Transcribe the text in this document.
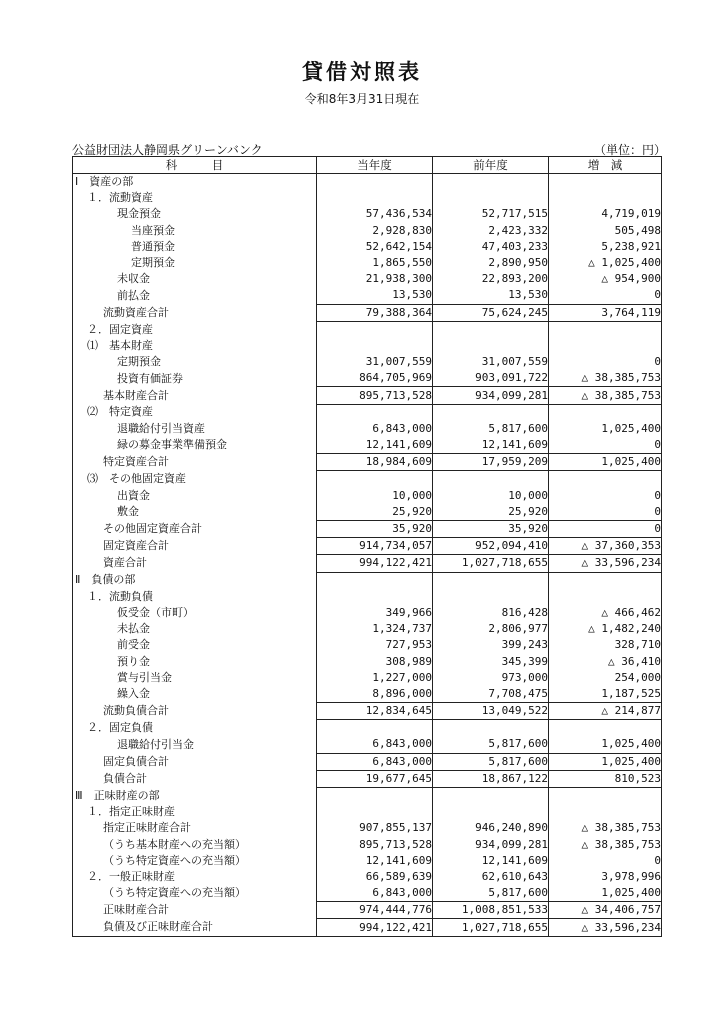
貸借対照表
令和8年3月31日現在
公益財団法人静岡県グリーンバンク	（単位：円）
科　　　目	当年度	前年度	増　減
Ⅰ　資産の部			
１．流動資産			
現金預金	57,436,534	52,717,515	4,719,019
当座預金	2,928,830	2,423,332	505,498
普通預金	52,642,154	47,403,233	5,238,921
定期預金	1,865,550	2,890,950	△ 1,025,400
未収金	21,938,300	22,893,200	△ 954,900
前払金	13,530	13,530	0
流動資産合計	79,388,364	75,624,245	3,764,119
２．固定資産			
⑴　基本財産			
定期預金	31,007,559	31,007,559	0
投資有価証券	864,705,969	903,091,722	△ 38,385,753
基本財産合計	895,713,528	934,099,281	△ 38,385,753
⑵　特定資産			
退職給付引当資産	6,843,000	5,817,600	1,025,400
緑の募金事業準備預金	12,141,609	12,141,609	0
特定資産合計	18,984,609	17,959,209	1,025,400
⑶　その他固定資産			
出資金	10,000	10,000	0
敷金	25,920	25,920	0
その他固定資産合計	35,920	35,920	0
固定資産合計	914,734,057	952,094,410	△ 37,360,353
資産合計	994,122,421	1,027,718,655	△ 33,596,234
Ⅱ　負債の部			
１．流動負債			
仮受金（市町）	349,966	816,428	△ 466,462
未払金	1,324,737	2,806,977	△ 1,482,240
前受金	727,953	399,243	328,710
預り金	308,989	345,399	△ 36,410
賞与引当金	1,227,000	973,000	254,000
繰入金	8,896,000	7,708,475	1,187,525
流動負債合計	12,834,645	13,049,522	△ 214,877
２．固定負債			
退職給付引当金	6,843,000	5,817,600	1,025,400
固定負債合計	6,843,000	5,817,600	1,025,400
負債合計	19,677,645	18,867,122	810,523
Ⅲ　正味財産の部			
１．指定正味財産			
指定正味財産合計	907,855,137	946,240,890	△ 38,385,753
（うち基本財産への充当額）	895,713,528	934,099,281	△ 38,385,753
（うち特定資産への充当額）	12,141,609	12,141,609	0
２．一般正味財産	66,589,639	62,610,643	3,978,996
（うち特定資産への充当額）	6,843,000	5,817,600	1,025,400
正味財産合計	974,444,776	1,008,851,533	△ 34,406,757
負債及び正味財産合計	994,122,421	1,027,718,655	△ 33,596,234
